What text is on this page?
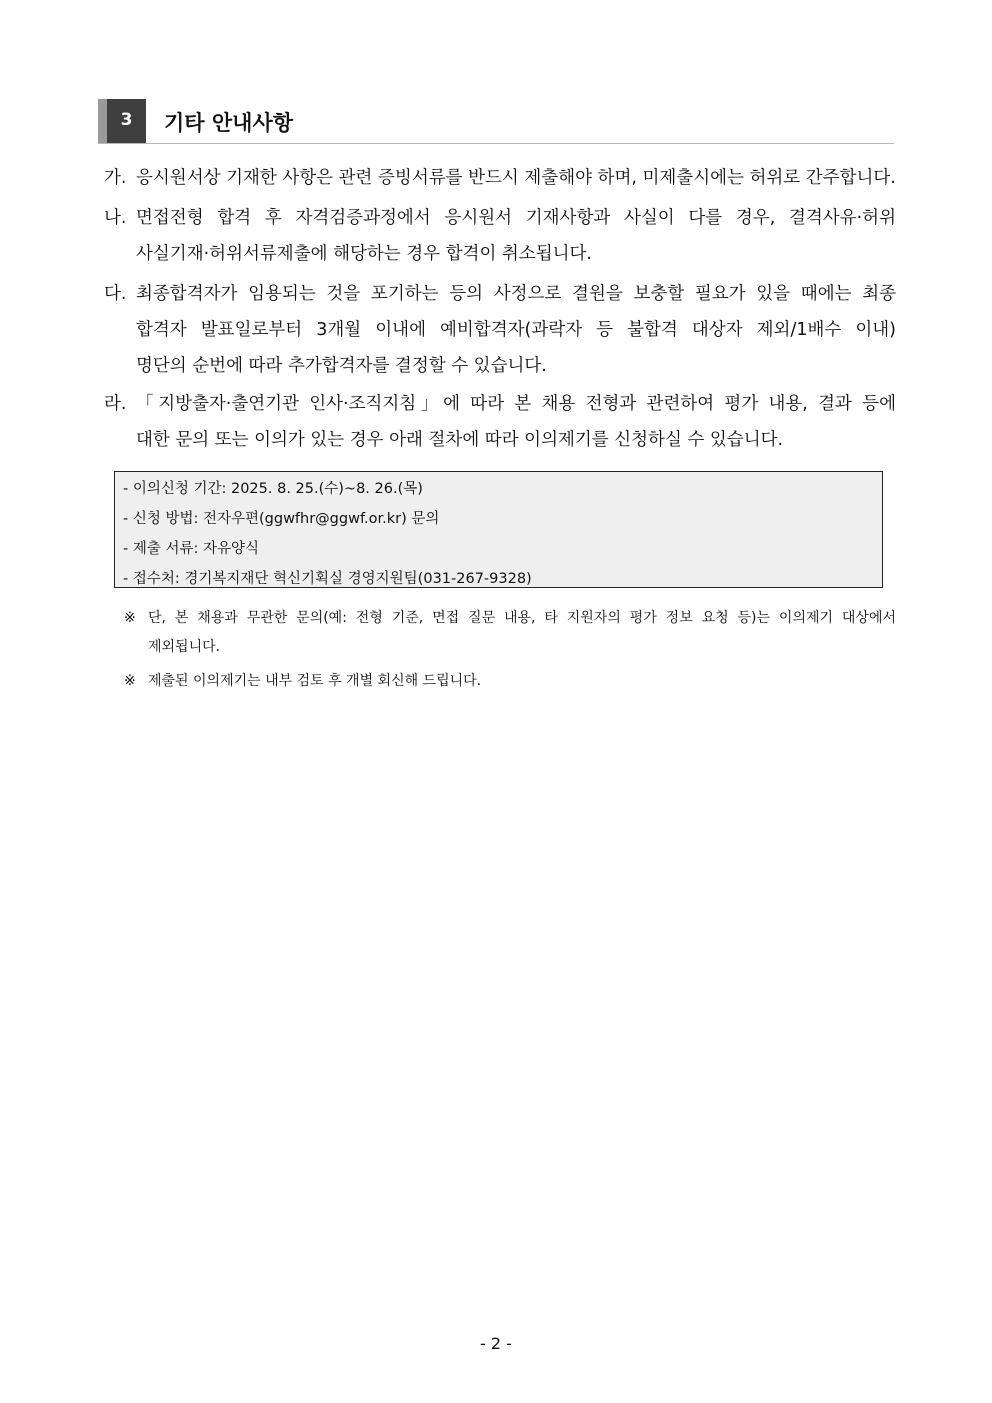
3	기타 안내사항
가. 응시원서상 기재한 사항은 관련 증빙서류를 반드시 제출해야 하며, 미제출시에는 허위로 간주합니다.
나. 면접전형 합격 후 자격검증과정에서 응시원서 기재사항과 사실이 다를 경우, 결격사유·허위
사실기재·허위서류제출에 해당하는 경우 합격이 취소됩니다.
다. 최종합격자가 임용되는 것을 포기하는 등의 사정으로 결원을 보충할 필요가 있을 때에는 최종
합격자 발표일로부터 3개월 이내에 예비합격자(과락자 등 불합격 대상자 제외/1배수 이내)
명단의 순번에 따라 추가합격자를 결정할 수 있습니다.
라. 「지방출자·출연기관 인사·조직지침」에 따라 본 채용 전형과 관련하여 평가 내용, 결과 등에
대한 문의 또는 이의가 있는 경우 아래 절차에 따라 이의제기를 신청하실 수 있습니다.
- 이의신청 기간: 2025. 8. 25.(수)~8. 26.(목)
- 신청 방법: 전자우편(ggwfhr@ggwf.or.kr) 문의
- 제출 서류: 자유양식
- 접수처: 경기복지재단 혁신기획실 경영지원팀(031-267-9328)
※ 단, 본 채용과 무관한 문의(예: 전형 기준, 면접 질문 내용, 타 지원자의 평가 정보 요청 등)는 이의제기 대상에서
제외됩니다.
※ 제출된 이의제기는 내부 검토 후 개별 회신해 드립니다.
- 2 -
